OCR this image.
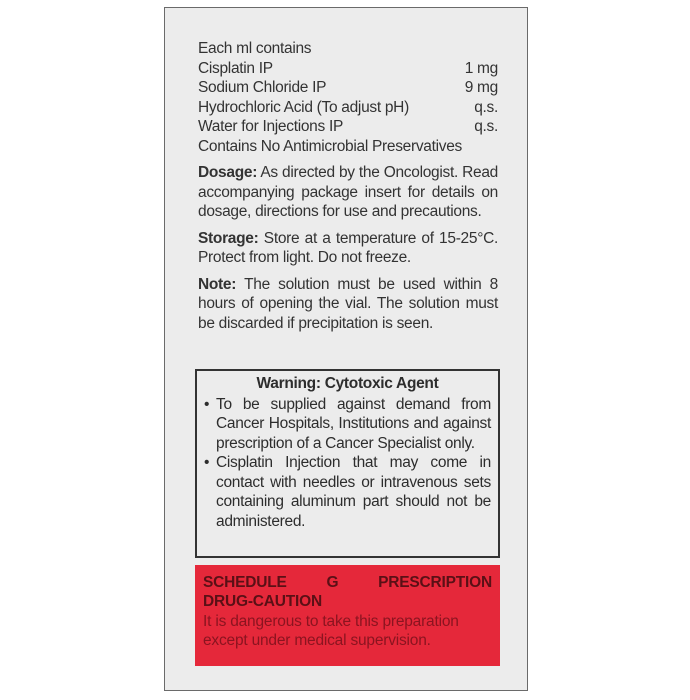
Each ml contains
Cisplatin IP	1 mg
Sodium Chloride IP	9 mg
Hydrochloric Acid (To adjust pH)	q.s.
Water for Injections IP	q.s.
Contains No Antimicrobial Preservatives
Dosage: As directed by the Oncologist. Read accompanying package insert for details on dosage, directions for use and precautions.
Storage: Store at a temperature of 15-25°C. Protect from light. Do not freeze.
Note: The solution must be used within 8 hours of opening the vial. The solution must be discarded if precipitation is seen.
Warning: Cytotoxic Agent
• To be supplied against demand from Cancer Hospitals, Institutions and against prescription of a Cancer Specialist only.
• Cisplatin Injection that may come in contact with needles or intravenous sets containing aluminum part should not be administered.
SCHEDULE	G	PRESCRIPTION
DRUG-CAUTION
It is dangerous to take this preparation except under medical supervision.
